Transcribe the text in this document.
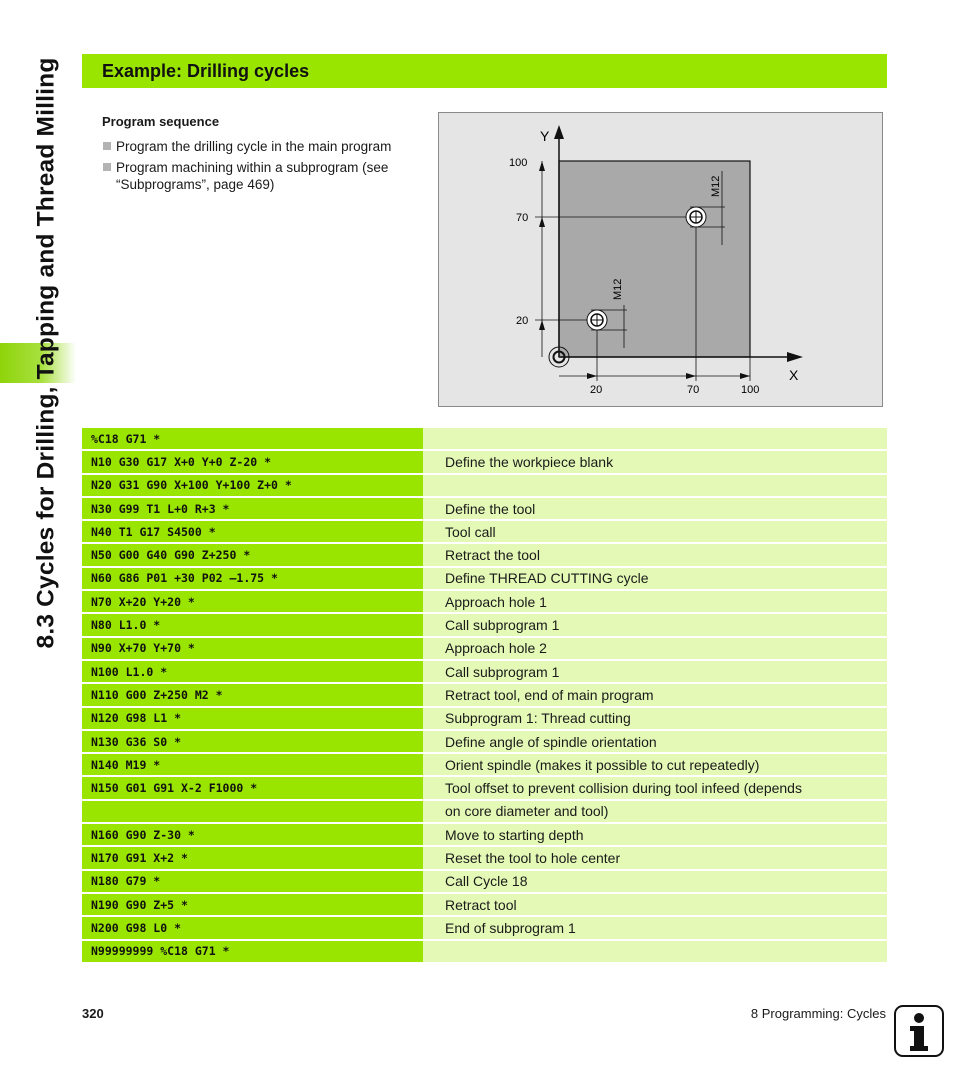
8.3 Cycles for Drilling, Tapping and Thread Milling Example: Drilling cycles

Program sequence

Program the drilling cycle in the main program
Program machining within a subprogram (see “Subprograms”, page 469)
Y
X
100
70
20
20	70	100
M12
M12
%C18 G71 *
N10 G30 G17 X+0 Y+0 Z-20 *	Define the workpiece blank
N20 G31 G90 X+100 Y+100 Z+0 *
N30 G99 T1 L+0 R+3 *	Define the tool
N40 T1 G17 S4500 *	Tool call
N50 G00 G40 G90 Z+250 *	Retract the tool
N60 G86 P01 +30 P02 –1.75 *	Define THREAD CUTTING cycle
N70 X+20 Y+20 *	Approach hole 1
N80 L1.0 *	Call subprogram 1
N90 X+70 Y+70 *	Approach hole 2
N100 L1.0 *	Call subprogram 1
N110 G00 Z+250 M2 *	Retract tool, end of main program
N120 G98 L1 *	Subprogram 1: Thread cutting
N130 G36 S0 *	Define angle of spindle orientation
N140 M19 *	Orient spindle (makes it possible to cut repeatedly)
N150 G01 G91 X-2 F1000 *	Tool offset to prevent collision during tool infeed (depends
on core diameter and tool)
N160 G90 Z-30 *	Move to starting depth
N170 G91 X+2 *	Reset the tool to hole center
N180 G79 *	Call Cycle 18
N190 G90 Z+5 *	Retract tool
N200 G98 L0 *	End of subprogram 1
N99999999 %C18 G71 *
320	8 Programming: Cycles
